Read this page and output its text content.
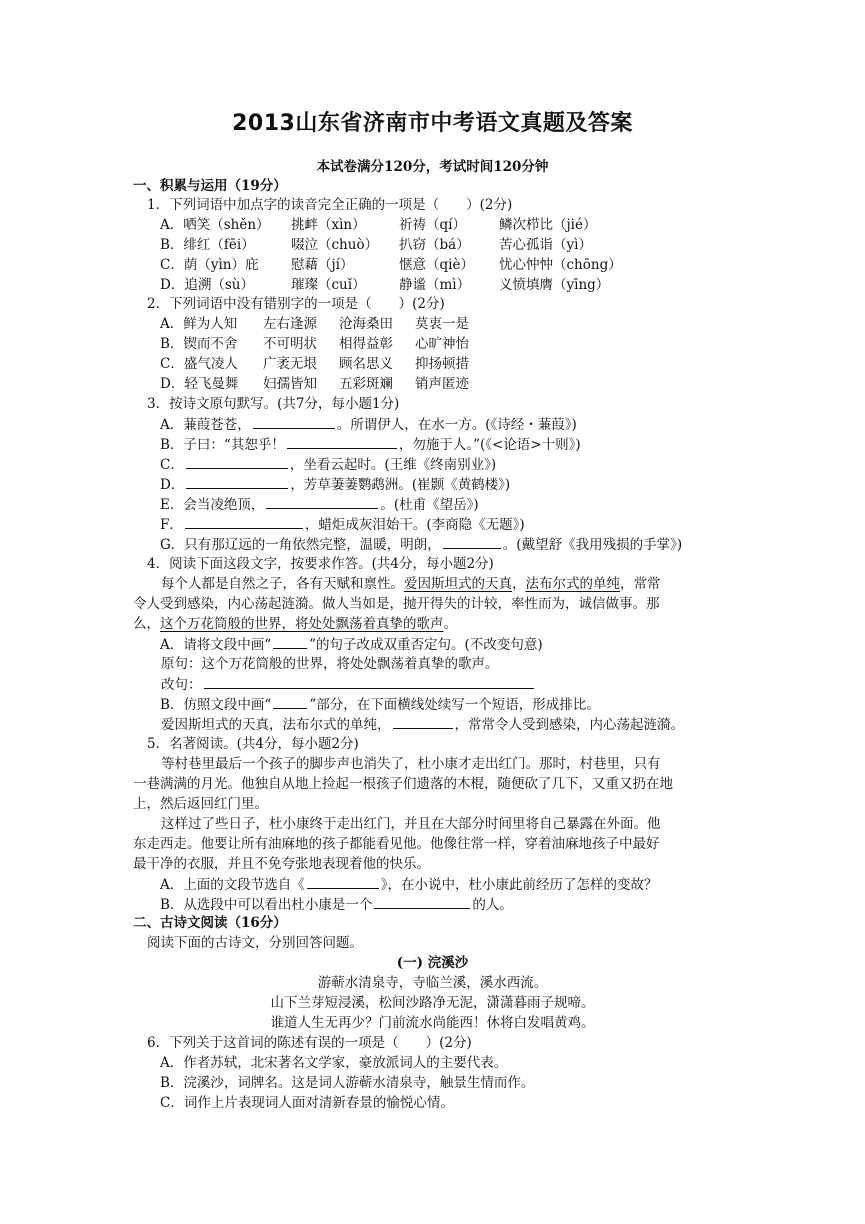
2013山东省济南市中考语文真题及答案
本试卷满分120分，考试时间120分钟
一、积累与运用（19分）
1．下列词语中加点字的读音完全正确的一项是（　　）(2分)
A．哂笑（shěn） 挑衅（xìn） 祈祷（qí） 鳞次栉比（jié）
B．绯红（fēi）	啜泣（chuò） 扒窃（bá） 苦心孤诣（yì）
C．荫（yìn）庇 慰藉（jí）	惬意（qiè） 忧心忡忡（chōng）
D．追溯（sù）	璀璨（cuǐ） 静谧（mì） 义愤填膺（yīng）
2．下列词语中没有错别字的一项是（　　）(2分)
A．鲜为人知 左右逢源 沧海桑田 莫衷一是
B．锲而不舍 不可明状 相得益彰 心旷神怡
C．盛气凌人 广袤无垠 顾名思义 抑扬顿措
D．轻飞曼舞 妇孺皆知 五彩斑斓 销声匿迹
3．按诗文原句默写。(共7分，每小题1分)
A．蒹葭苍苍，	。所谓伊人，在水一方。(《诗经・蒹葭》)
B．子曰：“其恕乎！	，勿施于人。”(《<论语>十则》)
C．	，坐看云起时。(王维《终南别业》)
D．	，芳草萋萋鹦鹉洲。(崔颢《黄鹤楼》)
E．会当凌绝顶，	。(杜甫《望岳》)
F．	，蜡炬成灰泪始干。(李商隐《无题》)
G．只有那辽远的一角依然完整，温暖，明朗，	。(戴望舒《我用残损的手掌》)
4．阅读下面这段文字，按要求作答。(共4分，每小题2分)
每个人都是自然之子，各有天赋和禀性。爱因斯坦式的天真，法布尔式的单纯，常常
令人受到感染，内心荡起涟漪。做人当如是，抛开得失的计较，率性而为，诚信做事。那
么，这个万花筒般的世界，将处处飘荡着真挚的歌声。
A．请将文段中画“	”的句子改成双重否定句。(不改变句意)
原句：这个万花筒般的世界，将处处飘荡着真挚的歌声。
改句：
B．仿照文段中画“	”部分，在下面横线处续写一个短语，形成排比。
爱因斯坦式的天真，法布尔式的单纯，	，常常令人受到感染，内心荡起涟漪。
5．名著阅读。(共4分，每小题2分)
等村巷里最后一个孩子的脚步声也消失了，杜小康才走出红门。那时，村巷里，只有
一巷满满的月光。他独自从地上捡起一根孩子们遗落的木棍，随便砍了几下，又重又扔在地
上，然后返回红门里。
这样过了些日子，杜小康终于走出红门，并且在大部分时间里将自己暴露在外面。他
东走西走。他要让所有油麻地的孩子都能看见他。他像往常一样，穿着油麻地孩子中最好
最干净的衣服，并且不免夸张地表现着他的快乐。
A．上面的文段节选自《	》，在小说中，杜小康此前经历了怎样的变故？
B．从选段中可以看出杜小康是一个	的人。
二、古诗文阅读（16分）
阅读下面的古诗文，分别回答问题。
(一) 浣溪沙
游蕲水清泉寺，寺临兰溪，溪水西流。
山下兰芽短浸溪，松间沙路净无泥，潇潇暮雨子规啼。
谁道人生无再少？门前流水尚能西！休将白发唱黄鸡。
6．下列关于这首词的陈述有误的一项是（　　）(2分)
A．作者苏轼，北宋著名文学家，豪放派词人的主要代表。
B．浣溪沙，词牌名。这是词人游蕲水清泉寺，触景生情而作。
C．词作上片表现词人面对清新春景的愉悦心情。
